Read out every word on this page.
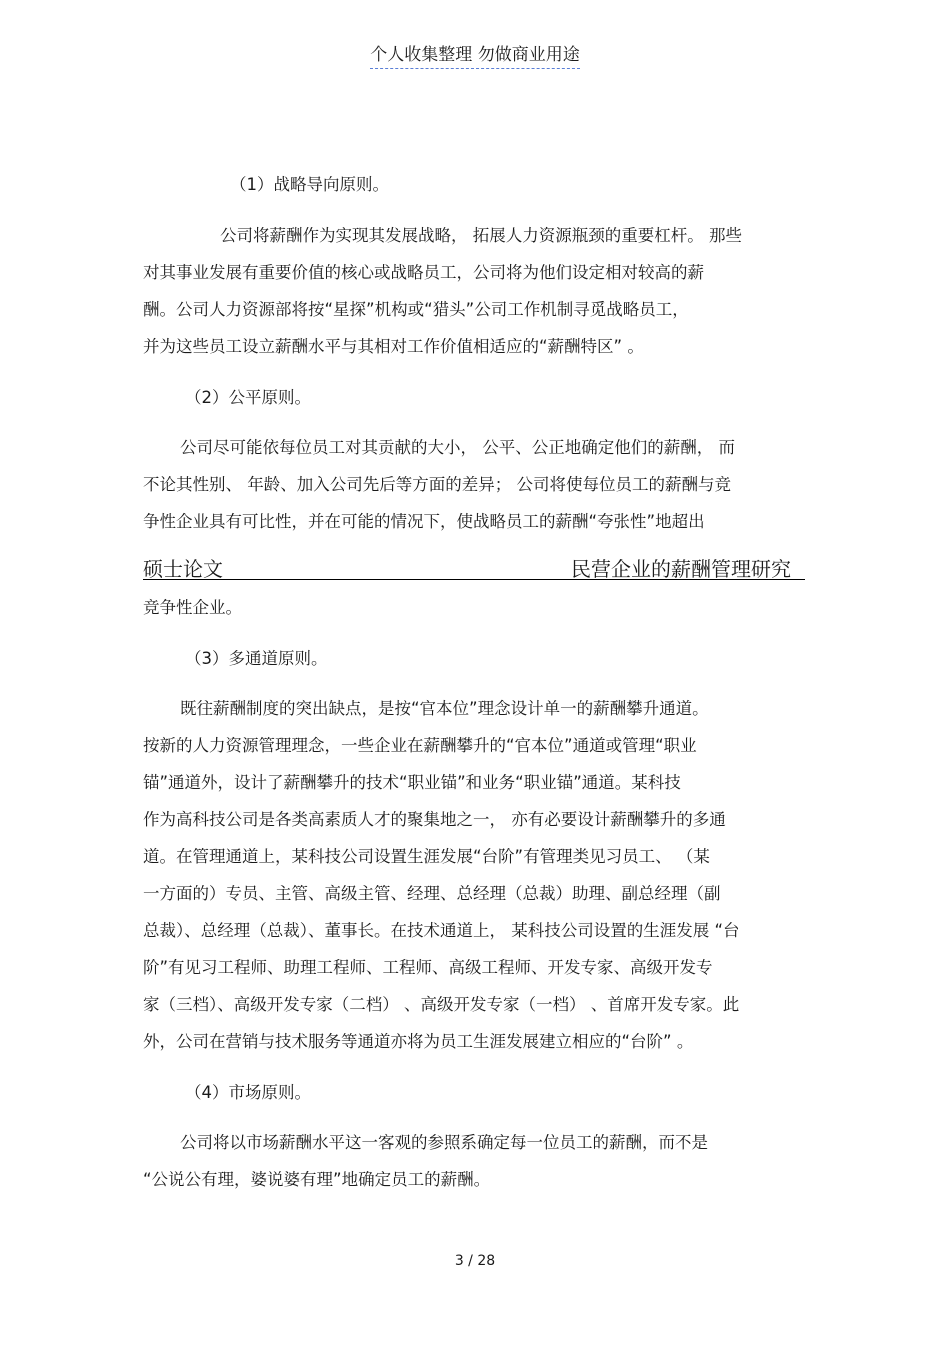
个人收集整理 勿做商业用途
（1）战略导向原则。
公司将薪酬作为实现其发展战略， 拓展人力资源瓶颈的重要杠杆。 那些
对其事业发展有重要价值的核心或战略员工，公司将为他们设定相对较高的薪
酬。公司人力资源部将按“星探”机构或“猎头”公司工作机制寻觅战略员工，
并为这些员工设立薪酬水平与其相对工作价值相适应的“薪酬特区” 。
（2）公平原则。
公司尽可能依每位员工对其贡献的大小， 公平、公正地确定他们的薪酬， 而
不论其性别、 年龄、加入公司先后等方面的差异； 公司将使每位员工的薪酬与竞
争性企业具有可比性，并在可能的情况下，使战略员工的薪酬“夸张性”地超出
硕士论文	民营企业的薪酬管理研究
竞争性企业。
（3）多通道原则。
既往薪酬制度的突出缺点，是按“官本位”理念设计单一的薪酬攀升通道。
按新的人力资源管理理念，一些企业在薪酬攀升的“官本位”通道或管理“职业
锚”通道外，设计了薪酬攀升的技术“职业锚”和业务“职业锚”通道。某科技
作为高科技公司是各类高素质人才的聚集地之一， 亦有必要设计薪酬攀升的多通
道。在管理通道上，某科技公司设置生涯发展“台阶”有管理类见习员工、 （某
一方面的）专员、主管、高级主管、经理、总经理（总裁）助理、副总经理（副
总裁）、总经理（总裁）、董事长。在技术通道上， 某科技公司设置的生涯发展 “台
阶”有见习工程师、助理工程师、工程师、高级工程师、开发专家、高级开发专
家（三档）、高级开发专家（二档） 、高级开发专家（一档） 、首席开发专家。此
外，公司在营销与技术服务等通道亦将为员工生涯发展建立相应的“台阶” 。
（4）市场原则。
公司将以市场薪酬水平这一客观的参照系确定每一位员工的薪酬，而不是
“公说公有理，婆说婆有理”地确定员工的薪酬。
3 / 28
